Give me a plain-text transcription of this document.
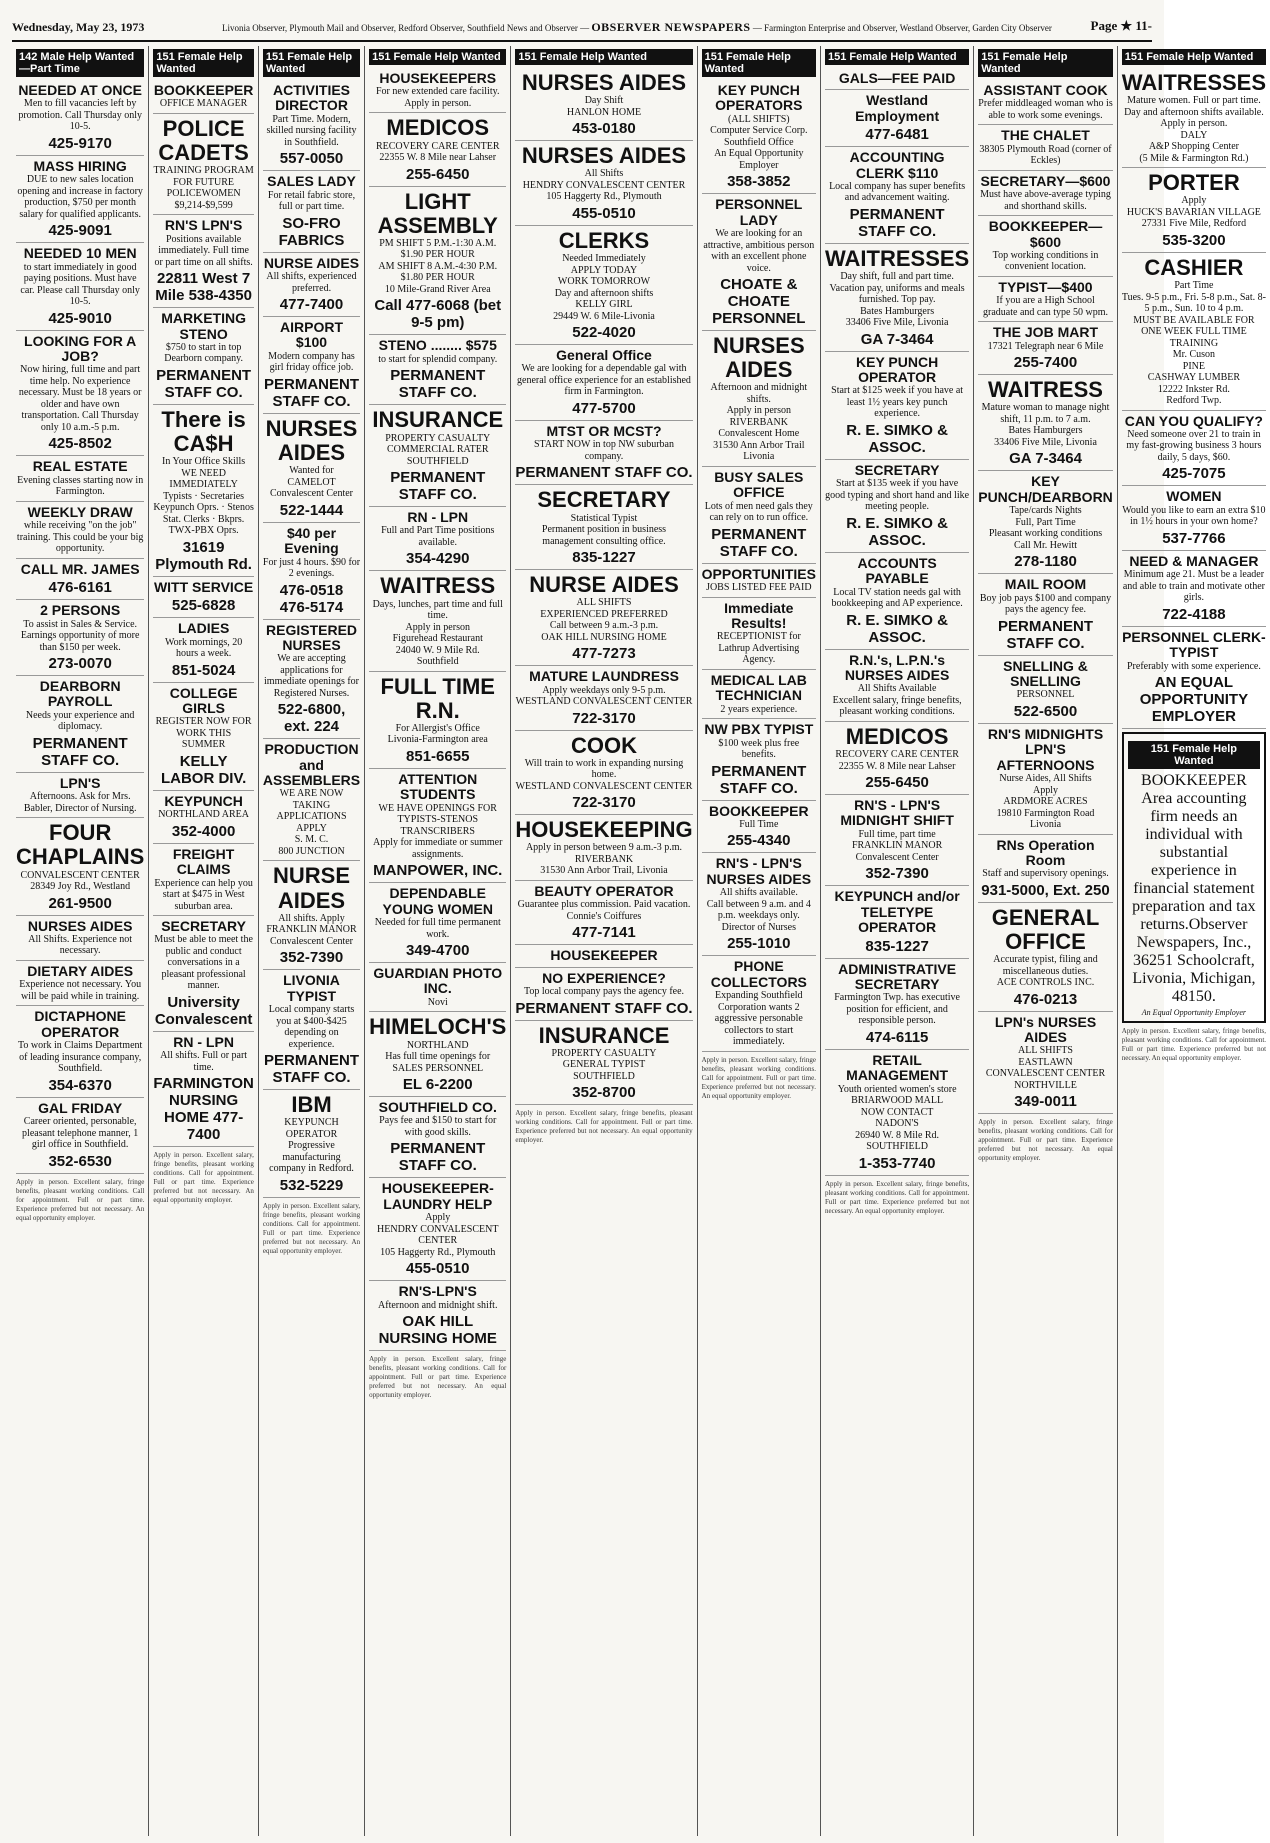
Wednesday, May 23, 1973	Livonia Observer, Plymouth Mail and Observer, Redford Observer, Southfield News and Observer — OBSERVER NEWSPAPERS — Farmington Enterprise and Observer, Westland Observer, Garden City Observer	Page ★ 11-
142 Male Help Wanted—Part Time
NEEDED AT ONCE
Men to fill vacancies left by promotion. Call Thursday only 10-5.
425-9170
MASS HIRING
DUE to new sales location opening and increase in factory production, $750 per month salary for qualified applicants.
425-9091
NEEDED 10 MEN
to start immediately in good paying positions. Must have car. Please call Thursday only 10-5.
425-9010
LOOKING FOR A JOB?
Now hiring, full time and part time help. No experience necessary. Must be 18 years or older and have own transportation. Call Thursday only 10 a.m.-5 p.m.
425-8502
REAL ESTATE
Evening classes starting now in Farmington.
WEEKLY DRAW
while receiving "on the job" training. This could be your big opportunity.
CALL MR. JAMES
476-6161
2 PERSONS
To assist in Sales & Service. Earnings opportunity of more than $150 per week.
273-0070
DEARBORN PAYROLL
Needs your experience and diplomacy.
PERMANENT STAFF CO.
LPN'S
Afternoons. Ask for Mrs. Babler, Director of Nursing.
FOUR CHAPLAINS
CONVALESCENT CENTER
28349 Joy Rd., Westland
261-9500
NURSES AIDES
All Shifts. Experience not necessary.
DIETARY AIDES
Experience not necessary. You will be paid while in training.
DICTAPHONE OPERATOR
To work in Claims Department of leading insurance company, Southfield.
354-6370
GAL FRIDAY
Career oriented, personable, pleasant telephone manner, 1 girl office in Southfield.
352-6530
Apply in person. Excellent salary, fringe benefits, pleasant working conditions. Call for appointment. Full or part time. Experience preferred but not necessary. An equal opportunity employer.
151 Female Help Wanted
BOOKKEEPER
OFFICE MANAGER
POLICE CADETS
TRAINING PROGRAM FOR FUTURE POLICEWOMEN
$9,214-$9,599
RN'S LPN'S
Positions available immediately. Full time or part time on all shifts.
22811 West 7 Mile 538-4350
MARKETING STENO
$750 to start in top Dearborn company.
PERMANENT STAFF CO.
There is CA$H
In Your Office Skills
WE NEED IMMEDIATELY
Typists · Secretaries
Keypunch Oprs. · Stenos
Stat. Clerks · Bkprs.
TWX-PBX Oprs.
31619 Plymouth Rd.
WITT SERVICE
525-6828
LADIES
Work mornings, 20 hours a week.
851-5024
COLLEGE GIRLS
REGISTER NOW FOR WORK THIS SUMMER
KELLY LABOR DIV.
KEYPUNCH
NORTHLAND AREA
352-4000
FREIGHT CLAIMS
Experience can help you start at $475 in West suburban area.
SECRETARY
Must be able to meet the public and conduct conversations in a pleasant professional manner.
University Convalescent
RN - LPN
All shifts. Full or part time.
FARMINGTON NURSING HOME 477-7400
Apply in person. Excellent salary, fringe benefits, pleasant working conditions. Call for appointment. Full or part time. Experience preferred but not necessary. An equal opportunity employer.
151 Female Help Wanted
ACTIVITIES DIRECTOR
Part Time. Modern, skilled nursing facility in Southfield.
557-0050
SALES LADY
For retail fabric store, full or part time.
SO-FRO FABRICS
NURSE AIDES
All shifts, experienced preferred.
477-7400
AIRPORT $100
Modern company has girl friday office job.
PERMANENT STAFF CO.
NURSES AIDES
Wanted for
CAMELOT
Convalescent Center
522-1444
$40 per Evening
For just 4 hours. $90 for 2 evenings.
476-0518 476-5174
REGISTERED NURSES
We are accepting applications for immediate openings for Registered Nurses.
522-6800, ext. 224
PRODUCTION and ASSEMBLERS
WE ARE NOW TAKING APPLICATIONS
APPLY
S. M. C.
800 JUNCTION
NURSE AIDES
All shifts. Apply
FRANKLIN MANOR
Convalescent Center
352-7390
LIVONIA TYPIST
Local company starts you at $400-$425 depending on experience.
PERMANENT STAFF CO.
IBM
KEYPUNCH OPERATOR
Progressive manufacturing company in Redford.
532-5229
Apply in person. Excellent salary, fringe benefits, pleasant working conditions. Call for appointment. Full or part time. Experience preferred but not necessary. An equal opportunity employer.
151 Female Help Wanted
HOUSEKEEPERS
For new extended care facility. Apply in person.
MEDICOS
RECOVERY CARE CENTER
22355 W. 8 Mile near Lahser
255-6450
LIGHT ASSEMBLY
PM SHIFT 5 P.M.-1:30 A.M.
$1.90 PER HOUR
AM SHIFT 8 A.M.-4:30 P.M.
$1.80 PER HOUR
10 Mile-Grand River Area
Call 477-6068 (bet 9-5 pm)
STENO ........ $575
to start for splendid company.
PERMANENT STAFF CO.
INSURANCE
PROPERTY CASUALTY
COMMERCIAL RATER
SOUTHFIELD
PERMANENT STAFF CO.
RN - LPN
Full and Part Time positions available.
354-4290
WAITRESS
Days, lunches, part time and full time.
Apply in person
Figurehead Restaurant
24040 W. 9 Mile Rd.
Southfield
FULL TIME R.N.
For Allergist's Office
Livonia-Farmington area
851-6655
ATTENTION STUDENTS
WE HAVE OPENINGS FOR
TYPISTS-STENOS
TRANSCRIBERS
Apply for immediate or summer assignments.
MANPOWER, INC.
DEPENDABLE YOUNG WOMEN
Needed for full time permanent work.
349-4700
GUARDIAN PHOTO INC.
Novi
HIMELOCH'S
NORTHLAND
Has full time openings for
SALES PERSONNEL
EL 6-2200
SOUTHFIELD CO.
Pays fee and $150 to start for with good skills.
PERMANENT STAFF CO.
HOUSEKEEPER-LAUNDRY HELP
Apply
HENDRY CONVALESCENT CENTER
105 Haggerty Rd., Plymouth
455-0510
RN'S-LPN'S
Afternoon and midnight shift.
OAK HILL NURSING HOME
Apply in person. Excellent salary, fringe benefits, pleasant working conditions. Call for appointment. Full or part time. Experience preferred but not necessary. An equal opportunity employer.
151 Female Help Wanted
NURSES AIDES
Day Shift
HANLON HOME
453-0180
NURSES AIDES
All Shifts
HENDRY CONVALESCENT CENTER
105 Haggerty Rd., Plymouth
455-0510
CLERKS
Needed Immediately
APPLY TODAY
WORK TOMORROW
Day and afternoon shifts
KELLY GIRL
29449 W. 6 Mile-Livonia
522-4020
General Office
We are looking for a dependable gal with general office experience for an established firm in Farmington.
477-5700
MTST OR MCST?
START NOW in top NW suburban company.
PERMANENT STAFF CO.
SECRETARY
Statistical Typist
Permanent position in business management consulting office.
835-1227
NURSE AIDES
ALL SHIFTS
EXPERIENCED PREFERRED
Call between 9 a.m.-3 p.m.
OAK HILL NURSING HOME
477-7273
MATURE LAUNDRESS
Apply weekdays only 9-5 p.m.
WESTLAND CONVALESCENT CENTER
722-3170
COOK
Will train to work in expanding nursing home.
WESTLAND CONVALESCENT CENTER
722-3170
HOUSEKEEPING
Apply in person between 9 a.m.-3 p.m.
RIVERBANK
31530 Ann Arbor Trail, Livonia
BEAUTY OPERATOR
Guarantee plus commission. Paid vacation.
Connie's Coiffures
477-7141
HOUSEKEEPER
NO EXPERIENCE?
Top local company pays the agency fee.
PERMANENT STAFF CO.
INSURANCE
PROPERTY CASUALTY
GENERAL TYPIST
SOUTHFIELD
352-8700
Apply in person. Excellent salary, fringe benefits, pleasant working conditions. Call for appointment. Full or part time. Experience preferred but not necessary. An equal opportunity employer.
151 Female Help Wanted
KEY PUNCH OPERATORS
(ALL SHIFTS)
Computer Service Corp.
Southfield Office
An Equal Opportunity Employer
358-3852
PERSONNEL LADY
We are looking for an attractive, ambitious person with an excellent phone voice.
CHOATE & CHOATE PERSONNEL
NURSES AIDES
Afternoon and midnight shifts.
Apply in person
RIVERBANK
Convalescent Home
31530 Ann Arbor Trail
Livonia
BUSY SALES OFFICE
Lots of men need gals they can rely on to run office.
PERMANENT STAFF CO.
OPPORTUNITIES
JOBS LISTED FEE PAID
Immediate Results!
RECEPTIONIST for Lathrup Advertising Agency.
MEDICAL LAB TECHNICIAN
2 years experience.
NW PBX TYPIST
$100 week plus free benefits.
PERMANENT STAFF CO.
BOOKKEEPER
Full Time
255-4340
RN'S - LPN'S NURSES AIDES
All shifts available.
Call between 9 a.m. and 4 p.m. weekdays only.
Director of Nurses
255-1010
PHONE COLLECTORS
Expanding Southfield Corporation wants 2 aggressive personable collectors to start immediately.
Apply in person. Excellent salary, fringe benefits, pleasant working conditions. Call for appointment. Full or part time. Experience preferred but not necessary. An equal opportunity employer.
151 Female Help Wanted
GALS—FEE PAID
Westland Employment
477-6481
ACCOUNTING CLERK $110
Local company has super benefits and advancement waiting.
PERMANENT STAFF CO.
WAITRESSES
Day shift, full and part time. Vacation pay, uniforms and meals furnished. Top pay.
Bates Hamburgers
33406 Five Mile, Livonia
GA 7-3464
KEY PUNCH OPERATOR
Start at $125 week if you have at least 1½ years key punch experience.
R. E. SIMKO & ASSOC.
SECRETARY
Start at $135 week if you have good typing and short hand and like meeting people.
R. E. SIMKO & ASSOC.
ACCOUNTS PAYABLE
Local TV station needs gal with bookkeeping and AP experience.
R. E. SIMKO & ASSOC.
R.N.'s, L.P.N.'s NURSES AIDES
All Shifts Available
Excellent salary, fringe benefits, pleasant working conditions.
MEDICOS
RECOVERY CARE CENTER
22355 W. 8 Mile near Lahser
255-6450
RN'S - LPN'S MIDNIGHT SHIFT
Full time, part time
FRANKLIN MANOR
Convalescent Center
352-7390
KEYPUNCH and/or TELETYPE OPERATOR
835-1227
ADMINISTRATIVE SECRETARY
Farmington Twp. has executive position for efficient, and responsible person.
474-6115
RETAIL MANAGEMENT
Youth oriented women's store
BRIARWOOD MALL
NOW CONTACT
NADON'S
26940 W. 8 Mile Rd.
SOUTHFIELD
1-353-7740
Apply in person. Excellent salary, fringe benefits, pleasant working conditions. Call for appointment. Full or part time. Experience preferred but not necessary. An equal opportunity employer.
151 Female Help Wanted
ASSISTANT COOK
Prefer middleaged woman who is able to work some evenings.
THE CHALET
38305 Plymouth Road (corner of Eckles)
SECRETARY—$600
Must have above-average typing and shorthand skills.
BOOKKEEPER—$600
Top working conditions in convenient location.
TYPIST—$400
If you are a High School graduate and can type 50 wpm.
THE JOB MART
17321 Telegraph near 6 Mile
255-7400
WAITRESS
Mature woman to manage night shift, 11 p.m. to 7 a.m.
Bates Hamburgers
33406 Five Mile, Livonia
GA 7-3464
KEY PUNCH/DEARBORN
Tape/cards Nights
Full, Part Time
Pleasant working conditions
Call Mr. Hewitt
278-1180
MAIL ROOM
Boy job pays $100 and company pays the agency fee.
PERMANENT STAFF CO.
SNELLING & SNELLING
PERSONNEL
522-6500
RN'S MIDNIGHTS LPN'S AFTERNOONS
Nurse Aides, All Shifts
Apply
ARDMORE ACRES
19810 Farmington Road
Livonia
RNs Operation Room
Staff and supervisory openings.
931-5000, Ext. 250
GENERAL OFFICE
Accurate typist, filing and miscellaneous duties.
ACE CONTROLS INC.
476-0213
LPN's NURSES AIDES
ALL SHIFTS
EASTLAWN CONVALESCENT CENTER
NORTHVILLE
349-0011
Apply in person. Excellent salary, fringe benefits, pleasant working conditions. Call for appointment. Full or part time. Experience preferred but not necessary. An equal opportunity employer.
151 Female Help Wanted
WAITRESSES
Mature women. Full or part time. Day and afternoon shifts available. Apply in person.
DALY
A&P Shopping Center
(5 Mile & Farmington Rd.)
PORTER
Apply
HUCK'S BAVARIAN VILLAGE
27331 Five Mile, Redford
535-3200
CASHIER
Part Time
Tues. 9-5 p.m., Fri. 5-8 p.m., Sat. 8-5 p.m., Sun. 10 to 4 p.m.
MUST BE AVAILABLE FOR ONE WEEK FULL TIME TRAINING
Mr. Cuson
PINE
CASHWAY LUMBER
12222 Inkster Rd.
Redford Twp.
CAN YOU QUALIFY?
Need someone over 21 to train in my fast-growing business 3 hours daily, 5 days, $60.
425-7075
WOMEN
Would you like to earn an extra $10 in 1½ hours in your own home?
537-7766
NEED & MANAGER
Minimum age 21. Must be a leader and able to train and motivate other girls.
722-4188
PERSONNEL CLERK-TYPIST
Preferably with some experience.
AN EQUAL OPPORTUNITY EMPLOYER
151 Female Help Wanted
BOOKKEEPER
Area accounting firm needs an individual with substantial experience in financial statement preparation and tax returns.Observer Newspapers, Inc., 36251 Schoolcraft, Livonia, Michigan, 48150.
An Equal Opportunity Employer
Apply in person. Excellent salary, fringe benefits, pleasant working conditions. Call for appointment. Full or part time. Experience preferred but not necessary. An equal opportunity employer.
